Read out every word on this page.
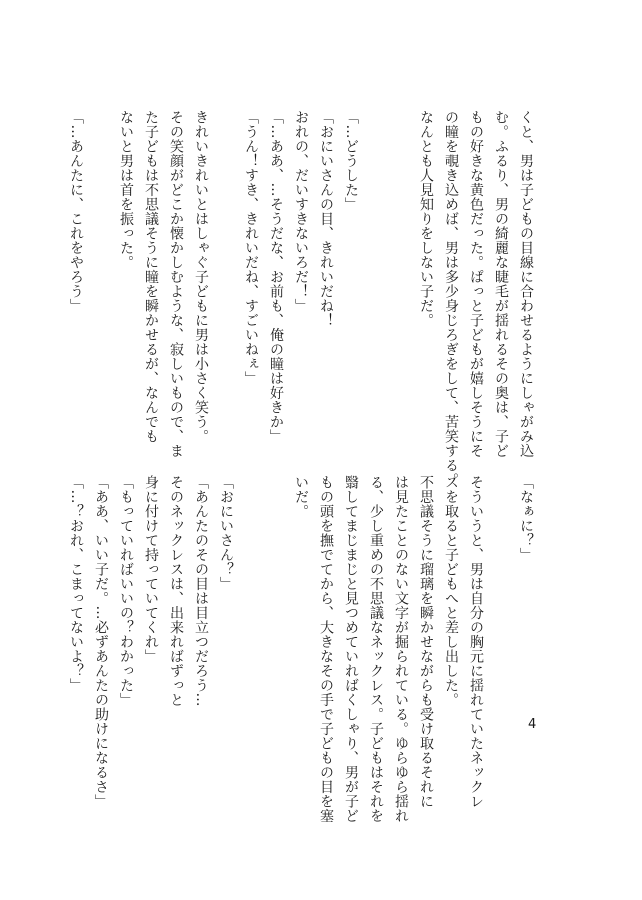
くと、男は子どもの目線に合わせるようにしゃがみ込
む。ふるり、男の綺麗な睫毛が揺れるその奥は、子ど
もの好きな黄色だった。ぱっと子どもが嬉しそうにそ
の瞳を覗き込めば、男は多少身じろぎをして、苦笑する。
なんとも人見知りをしない子だ。

「…どうした」
「おにいさんの目、きれいだね！
おれの、だいすきないろだ！」
「…ああ、…そうだな、お前も、俺の瞳は好きか」
「うん！すき、きれいだね、すごいねぇ」

きれいきれいとはしゃぐ子どもに男は小さく笑う。
その笑顔がどこか懐かしむような、寂しいもので、ま
た子どもは不思議そうに瞳を瞬かせるが、なんでも
ないと男は首を振った。

「…あんたに、これをやろう」
「なぁに？」

そういうと、男は自分の胸元に揺れていたネックレ
スを取ると子どもへと差し出した。
不思議そうに瑠璃を瞬かせながらも受け取るそれに
は見たことのない文字が掘られている。ゆらゆら揺れ
る、少し重めの不思議なネックレス。子どもはそれを
翳してまじまじと見つめていればくしゃり、男が子ど
もの頭を撫でてから、大きなその手で子どもの目を塞
いだ。

「おにいさん？」
「あんたのその目は目立つだろう…
そのネックレスは、出来ればずっと
身に付けて持っていてくれ」
「もっていればいいの？わかった」
「ああ、いい子だ。…必ずあんたの助けになるさ」
「…？おれ、こまってないよ？」
4
